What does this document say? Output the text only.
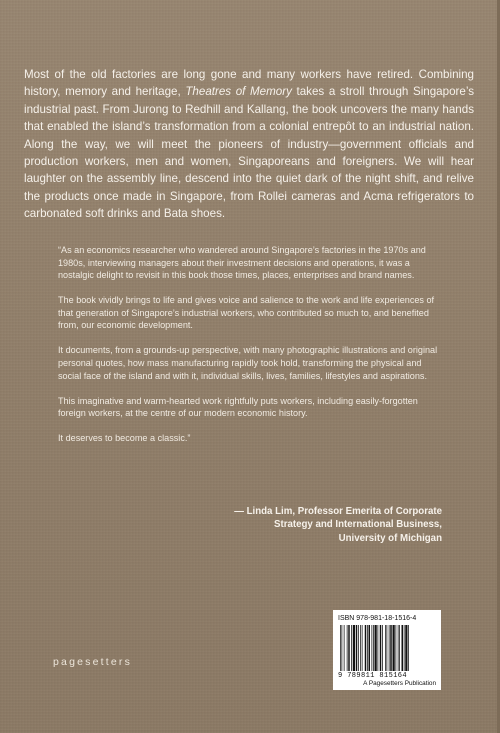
Most of the old factories are long gone and many workers have retired. Combining history, memory and heritage, Theatres of Memory takes a stroll through Singapore’s industrial past. From Jurong to Redhill and Kallang, the book uncovers the many hands that enabled the island’s transformation from a colonial entrepôt to an industrial nation. Along the way, we will meet the pioneers of industry—government officials and production workers, men and women, Singaporeans and foreigners. We will hear laughter on the assembly line, descend into the quiet dark of the night shift, and relive the products once made in Singapore, from Rollei cameras and Acma refrigerators to carbonated soft drinks and Bata shoes.

“As an economics researcher who wandered around Singapore’s factories in the 1970s and 1980s, interviewing managers about their investment decisions and operations, it was a nostalgic delight to revisit in this book those times, places, enterprises and brand names.

The book vividly brings to life and gives voice and salience to the work and life experiences of that generation of Singapore’s industrial workers, who contributed so much to, and benefited from, our economic development.

It documents, from a grounds-up perspective, with many photographic illustrations and original personal quotes, how mass manufacturing rapidly took hold, transforming the physical and social face of the island and with it, individual skills, lives, families, lifestyles and aspirations.

This imaginative and warm-hearted work rightfully puts workers, including easily-forgotten foreign workers, at the centre of our modern economic history.

It deserves to become a classic.”

— Linda Lim, Professor Emerita of Corporate
Strategy and International Business,
University of Michigan
pagesetters
ISBN 978-981-18-1516-4
9 789811 815164
A Pagesetters Publication
